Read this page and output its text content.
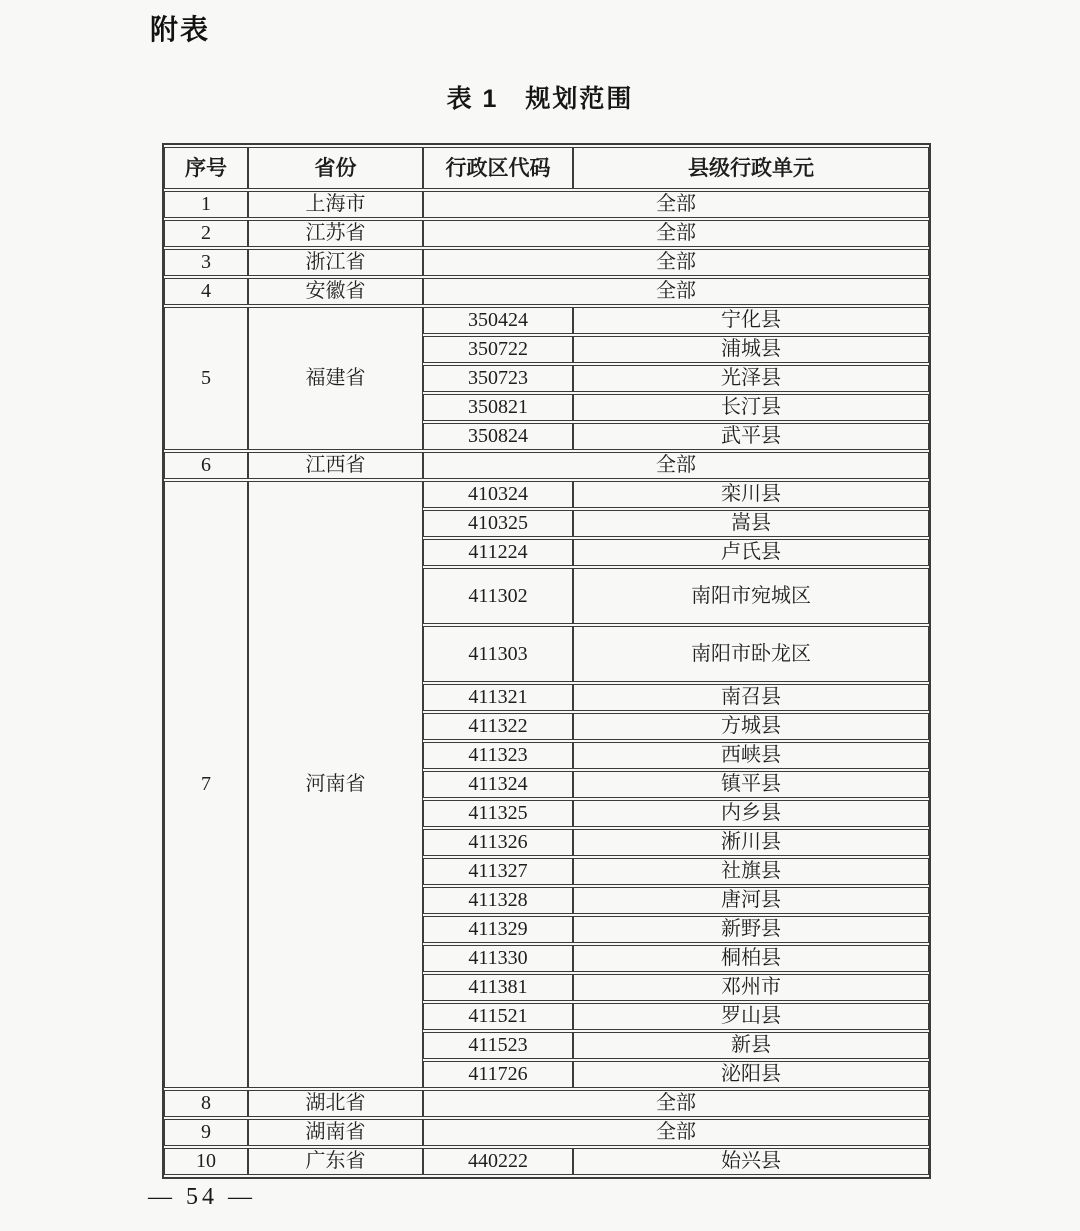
附表
表 1　规划范围
序号	省份	行政区代码	县级行政单元
1	上海市	全部	
2	江苏省	全部	
3	浙江省	全部	
4	安徽省	全部	
5	福建省	350424	宁化县
		350722	浦城县
		350723	光泽县
		350821	长汀县
		350824	武平县
6	江西省	全部	
7	河南省	410324	栾川县
		410325	嵩县
		411224	卢氏县
		411302	南阳市宛城区
		411303	南阳市卧龙区
		411321	南召县
		411322	方城县
		411323	西峡县
		411324	镇平县
		411325	内乡县
		411326	淅川县
		411327	社旗县
		411328	唐河县
		411329	新野县
		411330	桐柏县
		411381	邓州市
		411521	罗山县
		411523	新县
		411726	泌阳县
8	湖北省	全部	
9	湖南省	全部	
10	广东省	440222	始兴县
— 54 —
